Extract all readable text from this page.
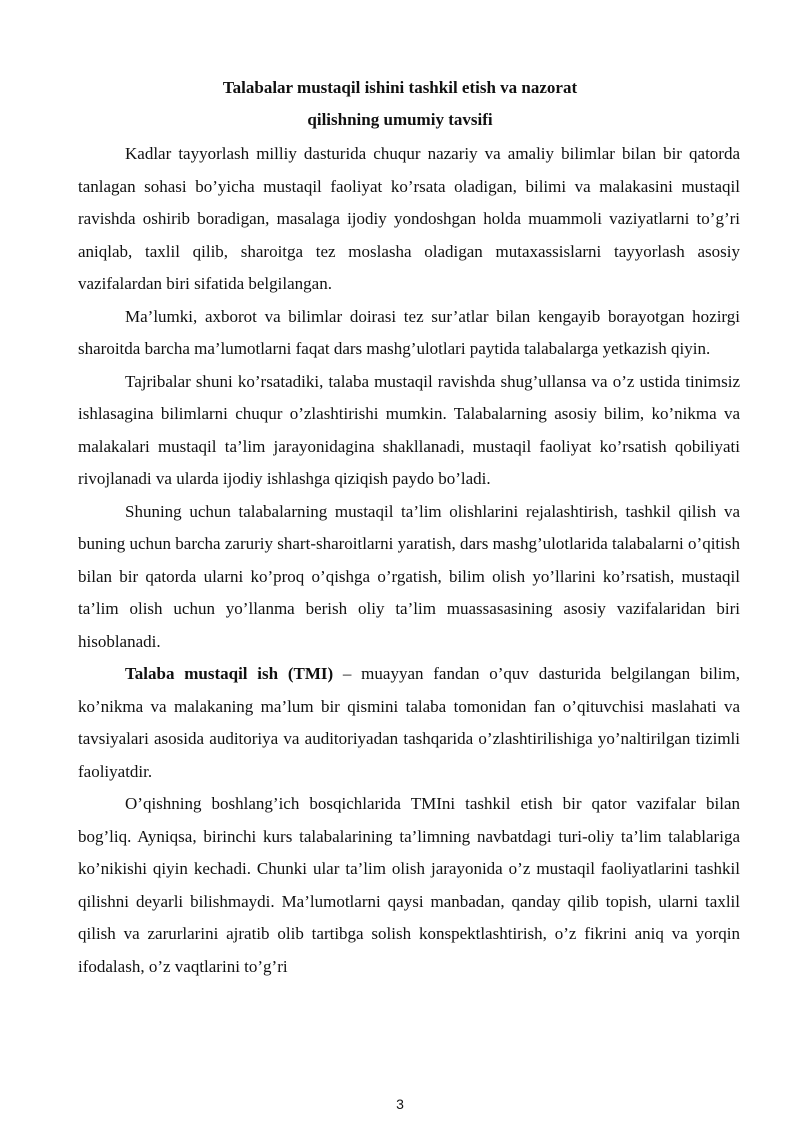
Talabalar mustaqil ishini tashkil etish va nazorat
qilishning umumiy tavsifi

Kadlar tayyorlash milliy dasturida chuqur nazariy va amaliy bilimlar bilan bir qatorda tanlagan sohasi bo’yicha mustaqil faoliyat ko’rsata oladigan, bilimi va malakasini mustaqil ravishda oshirib boradigan, masalaga ijodiy yondoshgan holda muammoli vaziyatlarni to’g’ri aniqlab, taxlil qilib, sharoitga tez moslasha oladigan mutaxassislarni tayyorlash asosiy vazifalardan biri sifatida belgilangan.

Ma’lumki, axborot va bilimlar doirasi tez sur’atlar bilan kengayib borayotgan hozirgi sharoitda barcha ma’lumotlarni faqat dars mashg’ulotlari paytida talabalarga yetkazish qiyin.

Tajribalar shuni ko’rsatadiki, talaba mustaqil ravishda shug’ullansa va o’z ustida tinimsiz ishlasagina bilimlarni chuqur o’zlashtirishi mumkin. Talabalarning asosiy bilim, ko’nikma va malakalari mustaqil ta’lim jarayonidagina shakllanadi, mustaqil faoliyat ko’rsatish qobiliyati rivojlanadi va ularda ijodiy ishlashga qiziqish paydo bo’ladi.

Shuning uchun talabalarning mustaqil ta’lim olishlarini rejalashtirish, tashkil qilish va buning uchun barcha zaruriy shart-sharoitlarni yaratish, dars mashg’ulotlarida talabalarni o’qitish bilan bir qatorda ularni ko’proq o’qishga o’rgatish, bilim olish yo’llarini ko’rsatish, mustaqil ta’lim olish uchun yo’llanma berish oliy ta’lim muassasasining asosiy vazifalaridan biri hisoblanadi.

Talaba mustaqil ish (TMI) – muayyan fandan o’quv dasturida belgilangan bilim, ko’nikma va malakaning ma’lum bir qismini talaba tomonidan fan o’qituvchisi maslahati va tavsiyalari asosida auditoriya va auditoriyadan tashqarida o’zlashtirilishiga yo’naltirilgan tizimli faoliyatdir.

O’qishning boshlang’ich bosqichlarida TMIni tashkil etish bir qator vazifalar bilan bog’liq. Ayniqsa, birinchi kurs talabalarining ta’limning navbatdagi turi-oliy ta’lim talablariga ko’nikishi qiyin kechadi. Chunki ular ta’lim olish jarayonida o’z mustaqil faoliyatlarini tashkil qilishni deyarli bilishmaydi. Ma’lumotlarni qaysi manbadan, qanday qilib topish, ularni taxlil qilish va zarurlarini ajratib olib tartibga solish konspektlashtirish, o’z fikrini aniq va yorqin ifodalash, o’z vaqtlarini to’g’ri

3
